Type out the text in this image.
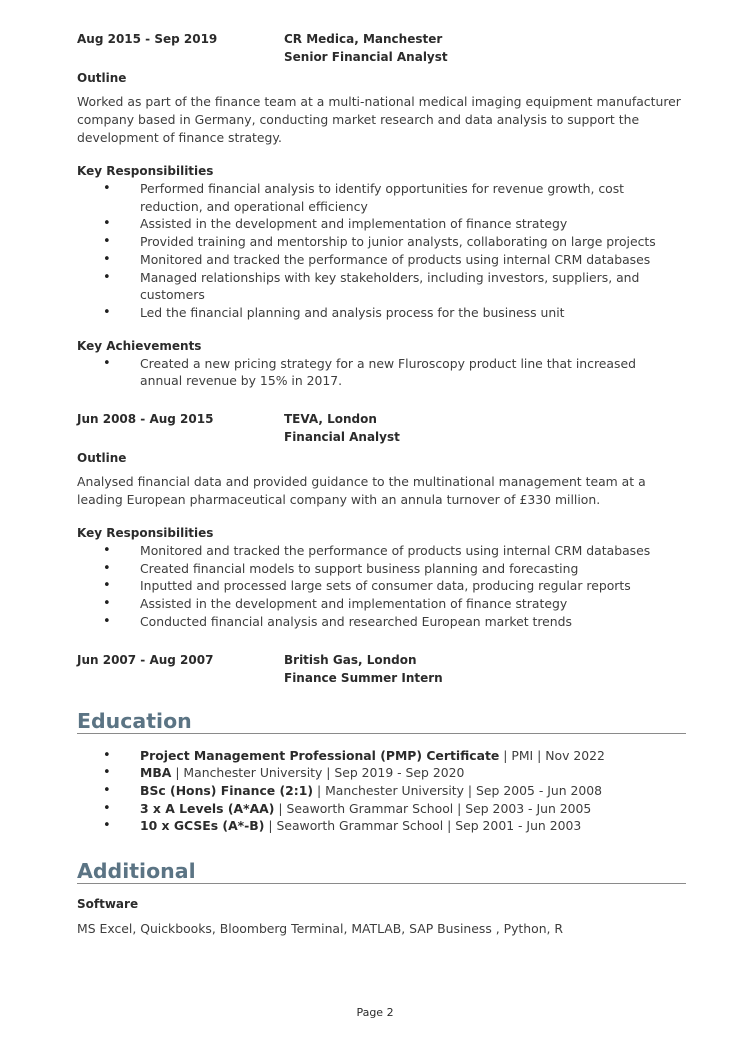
Aug 2015 - Sep 2019	CR Medica, Manchester
Senior Financial Analyst
Outline
Worked as part of the finance team at a multi-national medical imaging equipment manufacturer company based in Germany, conducting market research and data analysis to support the development of finance strategy.
Key Responsibilities
• Performed financial analysis to identify opportunities for revenue growth, cost reduction, and operational efficiency
• Assisted in the development and implementation of finance strategy
• Provided training and mentorship to junior analysts, collaborating on large projects
• Monitored and tracked the performance of products using internal CRM databases
• Managed relationships with key stakeholders, including investors, suppliers, and customers
• Led the financial planning and analysis process for the business unit
Key Achievements
• Created a new pricing strategy for a new Fluroscopy product line that increased annual revenue by 15% in 2017.
Jun 2008 - Aug 2015	TEVA, London
Financial Analyst
Outline
Analysed financial data and provided guidance to the multinational management team at a leading European pharmaceutical company with an annula turnover of £330 million.
Key Responsibilities
• Monitored and tracked the performance of products using internal CRM databases
• Created financial models to support business planning and forecasting
• Inputted and processed large sets of consumer data, producing regular reports
• Assisted in the development and implementation of finance strategy
• Conducted financial analysis and researched European market trends
Jun 2007 - Aug 2007	British Gas, London
Finance Summer Intern
Education
• Project Management Professional (PMP) Certificate | PMI | Nov 2022
• MBA | Manchester University | Sep 2019 - Sep 2020
• BSc (Hons) Finance (2:1) | Manchester University | Sep 2005 - Jun 2008
• 3 x A Levels (A*AA) | Seaworth Grammar School | Sep 2003 - Jun 2005
• 10 x GCSEs (A*-B) | Seaworth Grammar School | Sep 2001 - Jun 2003
Additional
Software
MS Excel, Quickbooks, Bloomberg Terminal, MATLAB, SAP Business , Python, R
Page 2
